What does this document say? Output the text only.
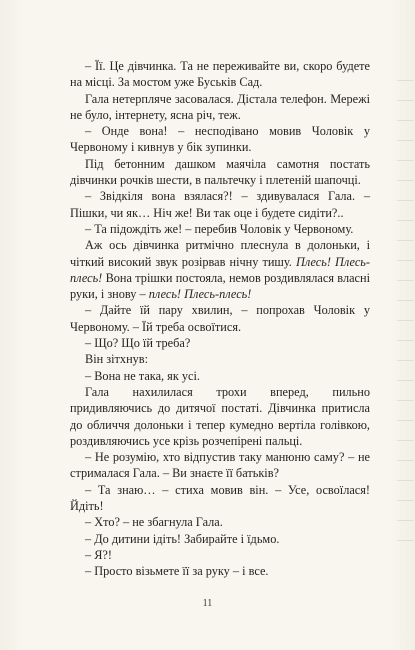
– Її. Це дівчинка. Та не переживайте ви, скоро будете на місці. За мостом уже Буськів Сад.

Гала нетерпляче засовалася. Дістала телефон. Мережі не було, інтернету, ясна річ, теж.

– Онде вона! – несподівано мовив Чоловік у Червоному і кивнув у бік зупинки.

Під бетонним дашком маячіла самотня постать дівчинки рочків шести, в пальтечку і плетеній шапочці.

– Звідкіля вона взялася?! – здивувалася Гала. – Пішки, чи як… Ніч же! Ви так оце і будете сидіти?..

– Та підождіть же! – перебив Чоловік у Червоному.

Аж ось дівчинка ритмічно плеснула в долоньки, і чіткий високий звук розірвав нічну тишу. Плесь! Плесь-плесь! Вона трішки постояла, немов роздивлялася власні руки, і знову – плесь! Плесь-плесь!

– Дайте їй пару хвилин, – попрохав Чоловік у Червоному. – Їй треба освоїтися.

– Що? Що їй треба?

Він зітхнув:

– Вона не така, як усі.

Гала нахилилася трохи вперед, пильно придивляючись до дитячої постаті. Дівчинка притисла до обличчя долоньки і тепер кумедно вертіла голівкою, роздивляючись усе крізь розчепірені пальці.

– Не розумію, хто відпустив таку манюню саму? – не стрималася Гала. – Ви знаєте її батьків?

– Та знаю… – стиха мовив він. – Усе, освоїлася! Йдіть!

– Хто? – не збагнула Гала.

– До дитини ідіть! Забирайте і їдьмо.

– Я?!

– Просто візьмете її за руку – і все.

11
